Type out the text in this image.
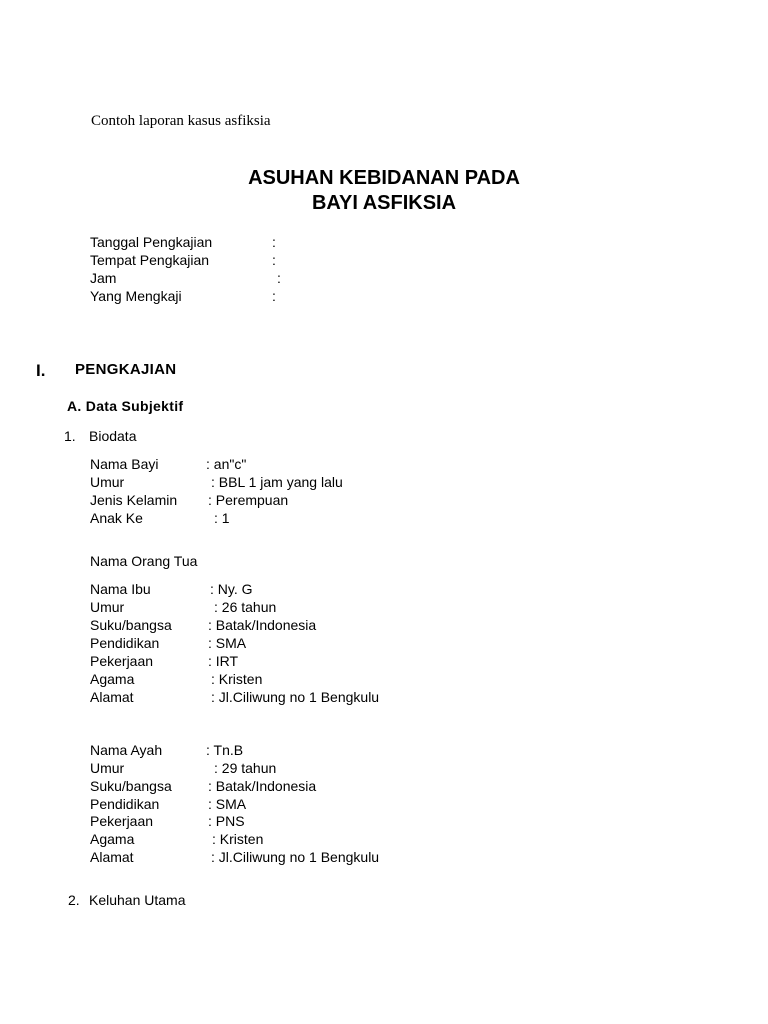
Contoh laporan kasus asfiksia
ASUHAN KEBIDANAN PADA
BAYI ASFIKSIA
Tanggal Pengkajian	:
Tempat Pengkajian	:
Jam	:
Yang Mengkaji	:
I. PENGKAJIAN
A. Data Subjektif
1. Biodata
Nama Bayi	: an"c"
Umur	: BBL 1 jam yang lalu
Jenis Kelamin : Perempuan
Anak Ke	: 1
Nama Orang Tua
Nama Ibu	: Ny. G
Umur	: 26 tahun
Suku/bangsa	: Batak/Indonesia
Pendidikan	: SMA
Pekerjaan	: IRT
Agama	: Kristen
Alamat	: Jl.Ciliwung no 1 Bengkulu
Nama Ayah	: Tn.B
Umur	: 29 tahun
Suku/bangsa	: Batak/Indonesia
Pendidikan	: SMA
Pekerjaan	: PNS
Agama	: Kristen
Alamat	: Jl.Ciliwung no 1 Bengkulu
2. Keluhan Utama
